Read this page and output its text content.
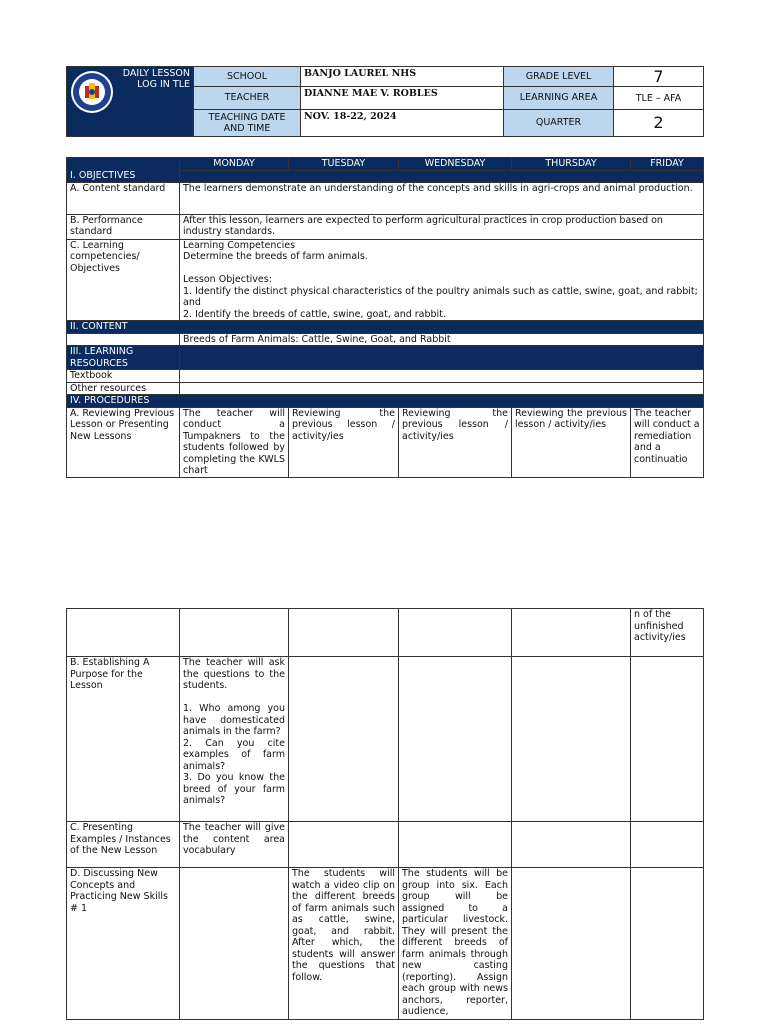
DAILY LESSON LOG IN TLE	SCHOOL	BANJO LAUREL NHS	GRADE LEVEL	7
	TEACHER	DIANNE MAE V. ROBLES	LEARNING AREA	TLE – AFA
	TEACHING DATE AND TIME	NOV. 18-22, 2024	QUARTER	2
	MONDAY	TUESDAY	WEDNESDAY	THURSDAY	FRIDAY
I. OBJECTIVES					
A. Content standard	The learners demonstrate an understanding of the concepts and skills in agri-crops and animal production.				
B. Performance standard	After this lesson, learners are expected to perform agricultural practices in crop production based on industry standards.				
C. Learning competencies/ Objectives	Learning Competencies
Determine the breeds of farm animals.

Lesson Objectives:
1. Identify the distinct physical characteristics of the poultry animals such as cattle, swine, goat, and rabbit; and
2. Identify the breeds of cattle, swine, goat, and rabbit.				
II. CONTENT					
	Breeds of Farm Animals: Cattle, Swine, Goat, and Rabbit				
III. LEARNING RESOURCES					
Textbook					
Other resources					
IV. PROCEDURES					
A. Reviewing Previous Lesson or Presenting New Lessons	The teacher will conduct a Tumpakners to the students followed by completing the KWLS chart	Reviewing the previous lesson / activity/ies	Reviewing the previous lesson / activity/ies	Reviewing the previous lesson / activity/ies	The teacher will conduct a remediation and a continuatio
					n of the unfinished activity/ies
B. Establishing A Purpose for the Lesson	The teacher will ask the questions to the students.

1. Who among you have domesticated animals in the farm?
2. Can you cite examples of farm animals?
3. Do you know the breed of your farm animals?				
C. Presenting Examples / Instances of the New Lesson	The teacher will give the content area vocabulary				
D. Discussing New Concepts and Practicing New Skills # 1		The students will watch a video clip on the different breeds of farm animals such as cattle, swine, goat, and rabbit. After which, the students will answer the questions that follow.	The students will be group into six. Each group will be assigned to a particular livestock. They will present the different breeds of farm animals through new casting (reporting). Assign each group with news anchors, reporter, audience,		
